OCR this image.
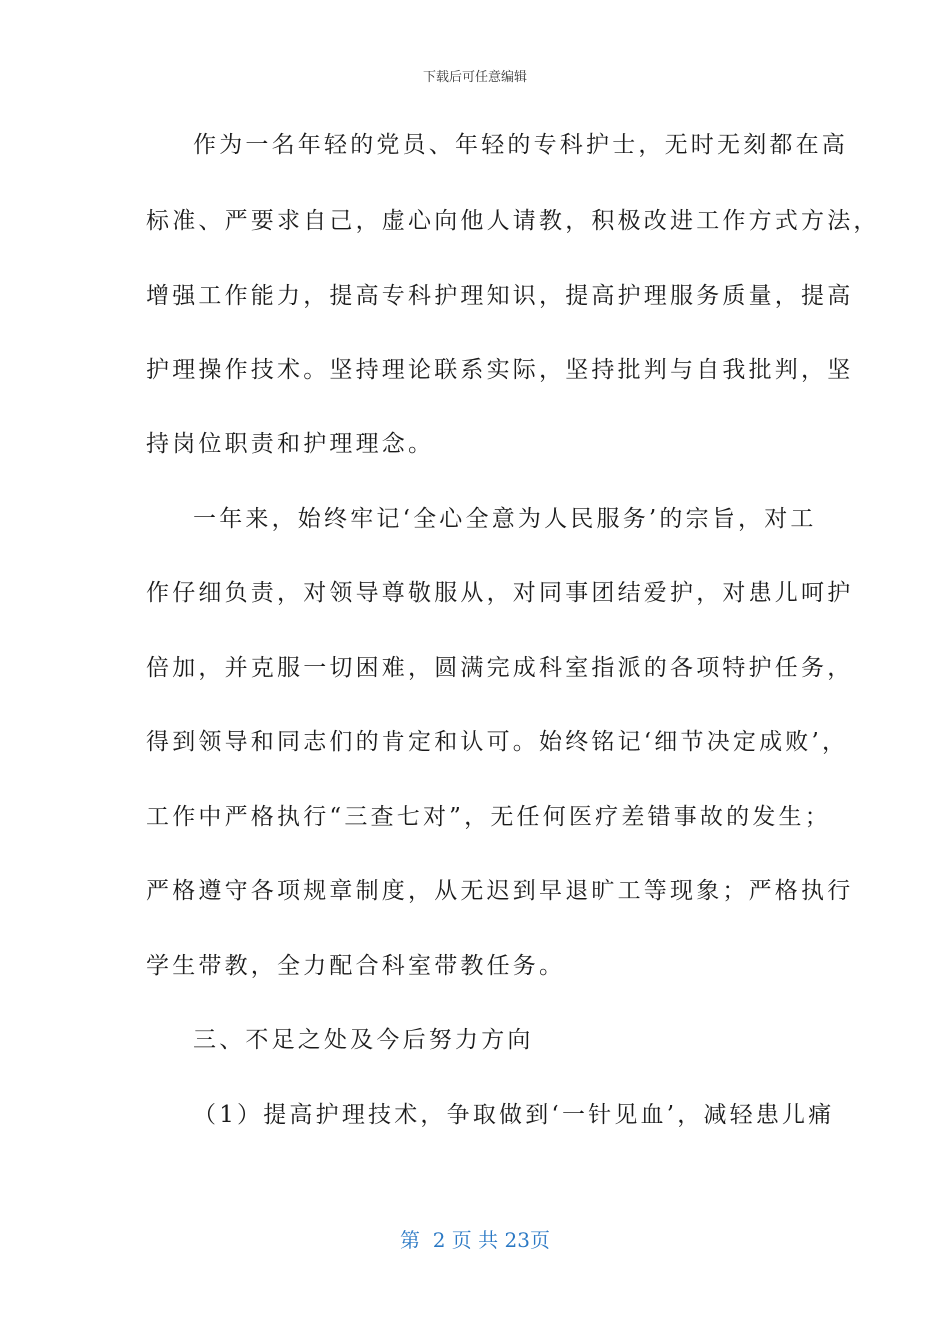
下载后可任意编辑
作为一名年轻的党员、年轻的专科护士，无时无刻都在高
标准、严要求自己，虚心向他人请教，积极改进工作方式方法，
增强工作能力，提高专科护理知识，提高护理服务质量，提高
护理操作技术。坚持理论联系实际，坚持批判与自我批判，坚
持岗位职责和护理理念。
一年来，始终牢记‘全心全意为人民服务’的宗旨，对工
作仔细负责，对领导尊敬服从，对同事团结爱护，对患儿呵护
倍加，并克服一切困难，圆满完成科室指派的各项特护任务，
得到领导和同志们的肯定和认可。始终铭记‘细节决定成败’，
工作中严格执行“三查七对”，无任何医疗差错事故的发生；
严格遵守各项规章制度，从无迟到早退旷工等现象；严格执行
学生带教，全力配合科室带教任务。
三、不足之处及今后努力方向
（1）提高护理技术，争取做到‘一针见血’，减轻患儿痛
第  2 页 共 23页
